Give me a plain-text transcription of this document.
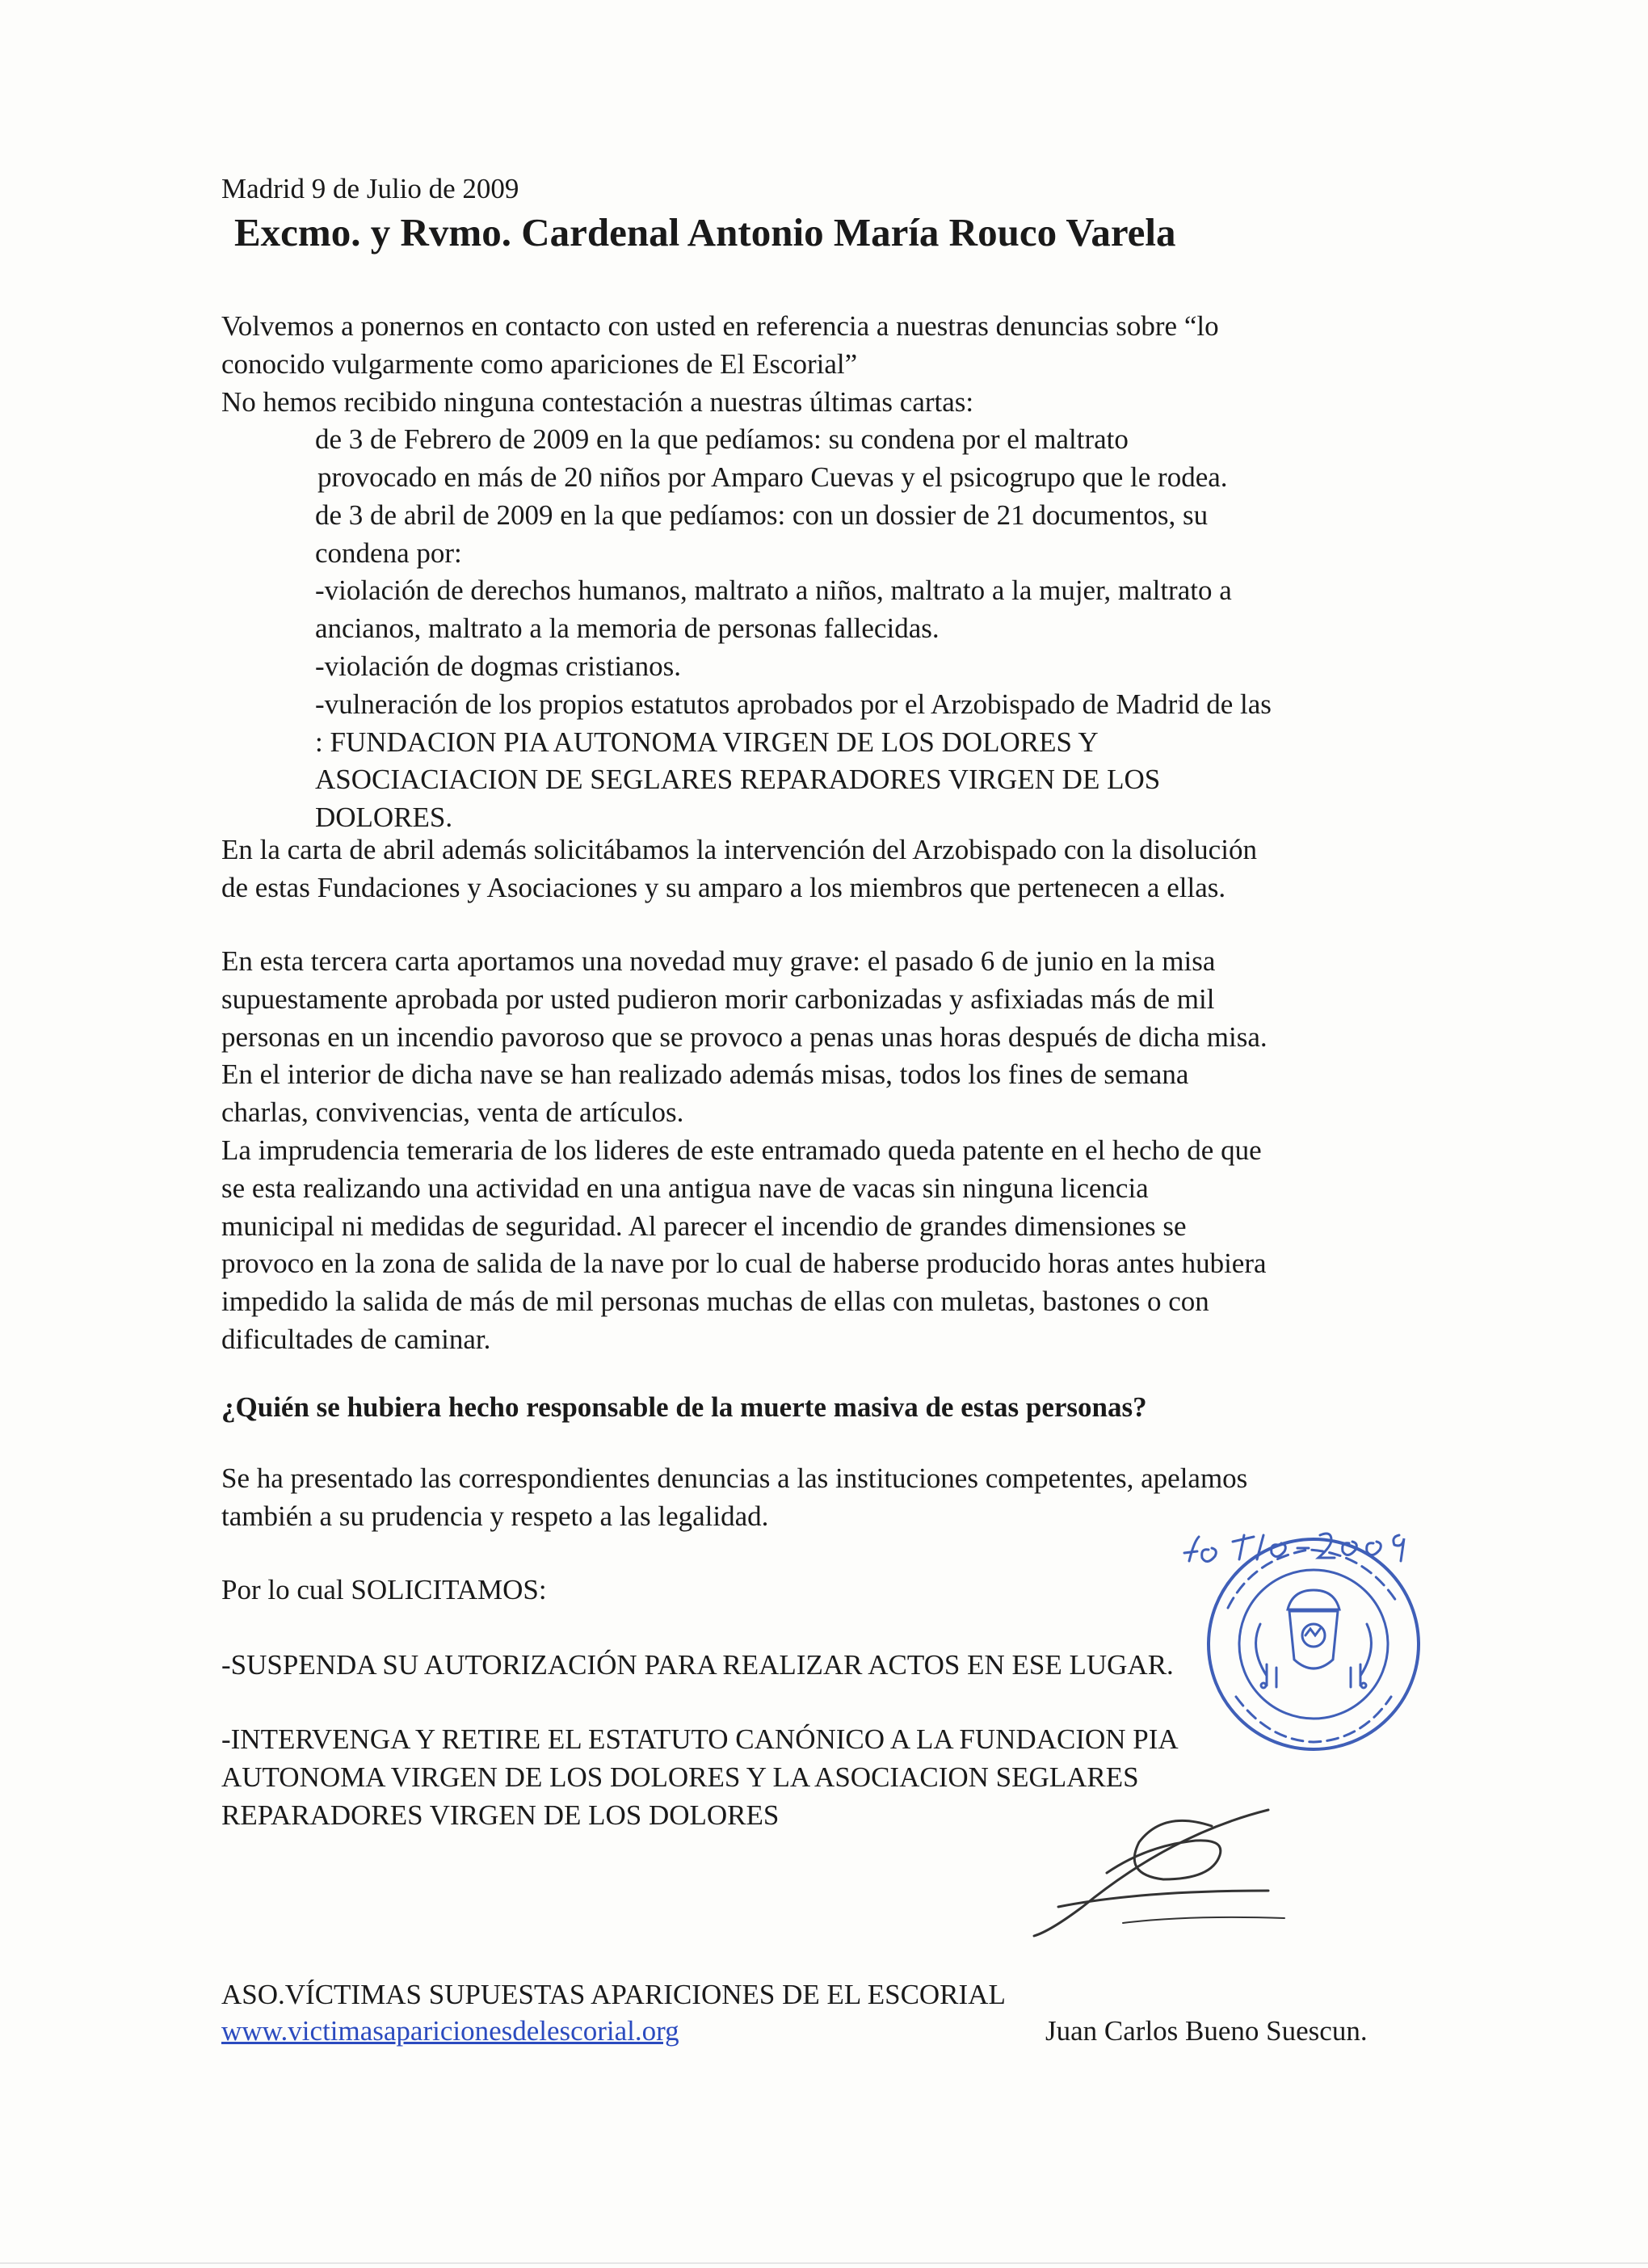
Madrid 9 de Julio de 2009
Excmo. y Rvmo. Cardenal Antonio María Rouco Varela
Volvemos a ponernos en contacto con usted en referencia a nuestras denuncias sobre “lo
conocido vulgarmente como apariciones de El Escorial”
No hemos recibido ninguna contestación a nuestras últimas cartas:
de 3 de Febrero de 2009 en la que pedíamos: su condena por el maltrato
provocado en más de 20 niños por Amparo Cuevas y el psicogrupo que le rodea.
de 3 de abril de 2009 en la que pedíamos: con un dossier de 21 documentos, su
condena por:
-violación de derechos humanos, maltrato a niños, maltrato a la mujer, maltrato a
ancianos, maltrato a la memoria de personas fallecidas.
-violación de dogmas cristianos.
-vulneración de los propios estatutos aprobados por el Arzobispado de Madrid de las
: FUNDACION PIA AUTONOMA VIRGEN DE LOS DOLORES Y
ASOCIACIACION DE SEGLARES REPARADORES VIRGEN DE LOS
DOLORES.
En la carta de abril además solicitábamos la intervención del Arzobispado con la disolución
de estas Fundaciones y Asociaciones y su amparo a los miembros que pertenecen a ellas.
En esta tercera carta aportamos una novedad muy grave: el pasado 6 de junio en la misa
supuestamente aprobada por usted pudieron morir carbonizadas y asfixiadas más de mil
personas en un incendio pavoroso que se provoco a penas unas horas después de dicha misa.
En el interior de dicha nave se han realizado además misas, todos los fines de semana
charlas, convivencias, venta de artículos.
La imprudencia temeraria de los lideres de este entramado queda patente en el hecho de que
se esta realizando una actividad en una antigua nave de vacas sin ninguna licencia
municipal ni medidas de seguridad. Al parecer el incendio de grandes dimensiones se
provoco en la zona de salida de la nave por lo cual de haberse producido horas antes hubiera
impedido la salida de más de mil personas muchas de ellas con muletas, bastones o con
dificultades de caminar.
¿Quién se hubiera hecho responsable de la muerte masiva de estas personas?
Se ha presentado las correspondientes denuncias a las instituciones competentes, apelamos
también a su prudencia y respeto a las legalidad.
Por lo cual SOLICITAMOS:
-SUSPENDA SU AUTORIZACIÓN PARA REALIZAR ACTOS EN ESE LUGAR.
-INTERVENGA Y RETIRE EL ESTATUTO CANÓNICO A LA FUNDACION PIA
AUTONOMA VIRGEN DE LOS DOLORES Y LA ASOCIACION SEGLARES
REPARADORES VIRGEN DE LOS DOLORES
ASO.VÍCTIMAS SUPUESTAS APARICIONES DE EL ESCORIAL
www.victimasaparicionesdelescorial.org	Juan Carlos Bueno Suescun.
